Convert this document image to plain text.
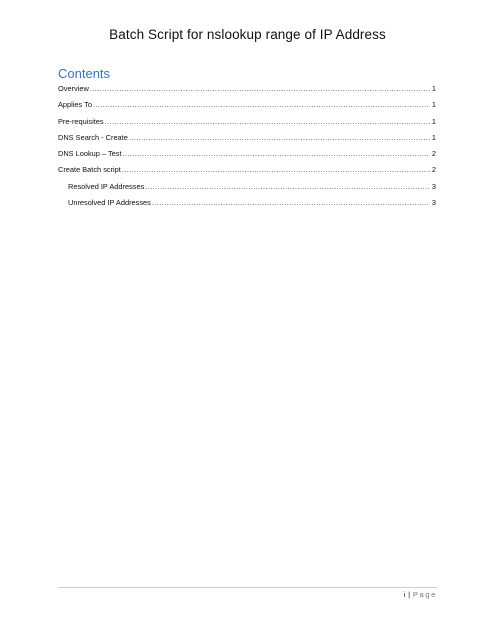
Batch Script for nslookup range of IP Address
Contents
Overview .....	1
Applies To .....	1
Pre-requisites .....	1
DNS Search - Create .....	1
DNS Lookup – Test .....	2
Create Batch script .....	2
Resolved IP Addresses .....	3
Unresolved IP Addresses .....	3
i | Page
